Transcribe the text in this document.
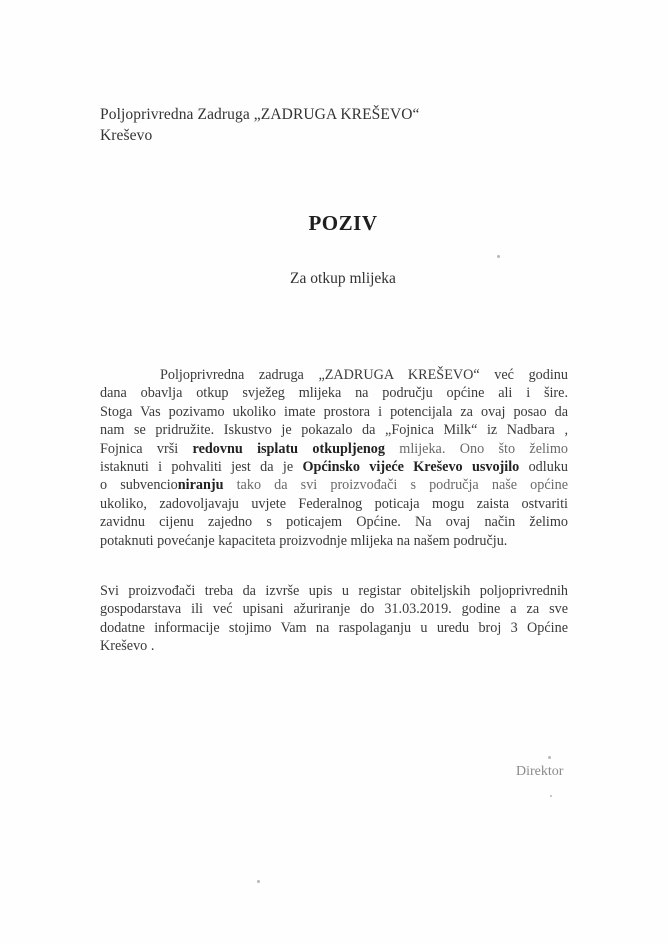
Poljoprivredna Zadruga „ZADRUGA KREŠEVO“
Kreševo
POZIV
Za otkup mlijeka
Poljoprivredna zadruga „ZADRUGA KREŠEVO“ već godinu
dana obavlja otkup svježeg mlijeka na području općine ali i šire.
Stoga Vas pozivamo ukoliko imate prostora i potencijala za ovaj posao da
nam se pridružite. Iskustvo je pokazalo da „Fojnica Milk“ iz Nadbara ,
Fojnica vrši redovnu isplatu otkupljenog mlijeka. Ono što želimo
istaknuti i pohvaliti jest da je Općinsko vijeće Kreševo usvojilo odluku
o subvencioniranju tako da svi proizvođači s područja naše općine
ukoliko, zadovoljavaju uvjete Federalnog poticaja mogu zaista ostvariti
zavidnu cijenu zajedno s poticajem Općine. Na ovaj način želimo
potaknuti povećanje kapaciteta proizvodnje mlijeka na našem području.
Svi proizvođači treba da izvrše upis u registar obiteljskih poljoprivrednih
gospodarstava ili već upisani ažuriranje do 31.03.2019. godine a za sve
dodatne informacije stojimo Vam na raspolaganju u uredu broj 3 Općine
Kreševo .
Direktor
